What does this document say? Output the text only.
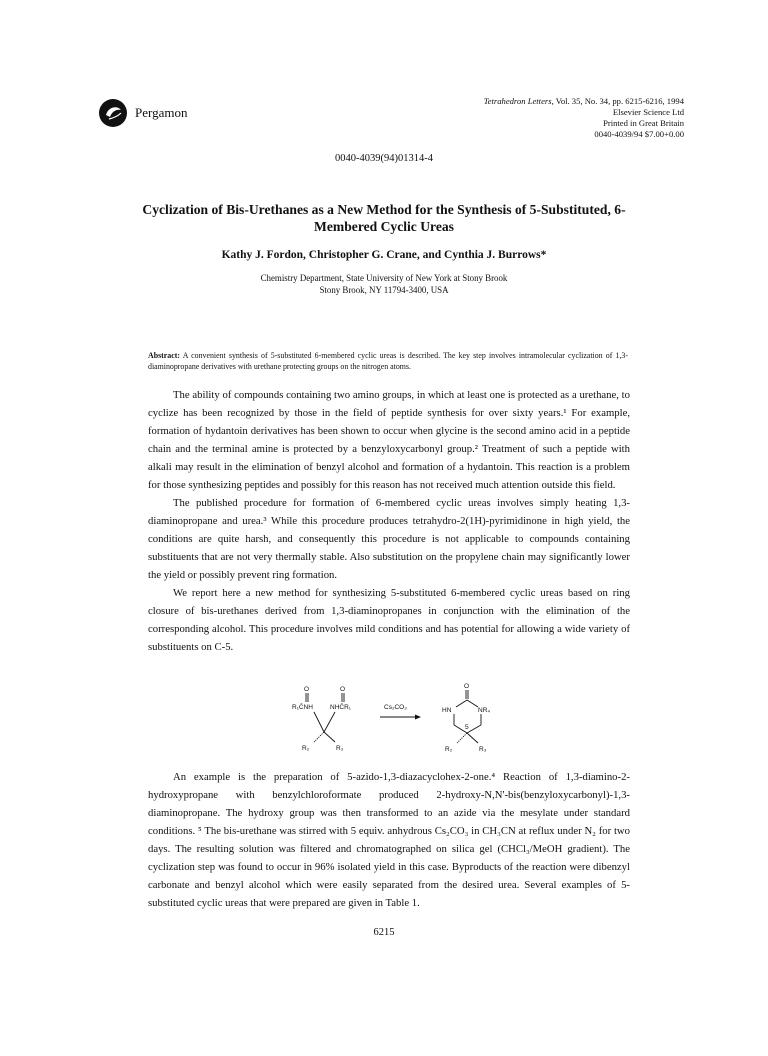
Pergamon
Tetrahedron Letters, Vol. 35, No. 34, pp. 6215-6216, 1994
Elsevier Science Ltd
Printed in Great Britain
0040-4039/94 $7.00+0.00
0040-4039(94)01314-4
Cyclization of Bis-Urethanes as a New Method for the Synthesis of 5-Substituted, 6-Membered Cyclic Ureas
Kathy J. Fordon, Christopher G. Crane, and Cynthia J. Burrows*
Chemistry Department, State University of New York at Stony Brook
Stony Brook, NY 11794-3400, USA
Abstract: A convenient synthesis of 5-substituted 6-membered cyclic ureas is described. The key step involves intramolecular cyclization of 1,3-diaminopropane derivatives with urethane protecting groups on the nitrogen atoms.

The ability of compounds containing two amino groups, in which at least one is protected as a urethane, to cyclize has been recognized by those in the field of peptide synthesis for over sixty years.¹ For example, formation of hydantoin derivatives has been shown to occur when glycine is the second amino acid in a peptide chain and the terminal amine is protected by a benzyloxycarbonyl group.² Treatment of such a peptide with alkali may result in the elimination of benzyl alcohol and formation of a hydantoin. This reaction is a problem for those synthesizing peptides and possibly for this reason has not received much attention outside this field.

The published procedure for formation of 6-membered cyclic ureas involves simply heating 1,3-diaminopropane and urea.³ While this procedure produces tetrahydro-2(1H)-pyrimidinone in high yield, the conditions are quite harsh, and consequently this procedure is not applicable to compounds containing substituents that are not very thermally stable. Also substitution on the propylene chain may significantly lower the yield or possibly prevent ring formation.

We report here a new method for synthesizing 5-substituted 6-membered cyclic ureas based on ring closure of bis-urethanes derived from 1,3-diaminopropanes in conjunction with the elimination of the corresponding alcohol. This procedure involves mild conditions and has potential for allowing a wide variety of substituents on C-5.

O
R₁ĈNH
O
NHĈR₁
R₂	R₃
Cs₂CO₃
O
HN	NR₄
5
R₂	R₃

An example is the preparation of 5-azido-1,3-diazacyclohex-2-one.⁴ Reaction of 1,3-diamino-2-hydroxypropane with benzylchloroformate produced 2-hydroxy-N,N'-bis(benzyloxycarbonyl)-1,3-diaminopropane. The hydroxy group was then transformed to an azide via the mesylate under standard conditions. ⁵ The bis-urethane was stirred with 5 equiv. anhydrous Cs₂CO₃ in CH₃CN at reflux under N₂ for two days. The resulting solution was filtered and chromatographed on silica gel (CHCl₃/MeOH gradient). The cyclization step was found to occur in 96% isolated yield in this case. Byproducts of the reaction were dibenzyl carbonate and benzyl alcohol which were easily separated from the desired urea. Several examples of 5-substituted cyclic ureas that were prepared are given in Table 1.

6215
